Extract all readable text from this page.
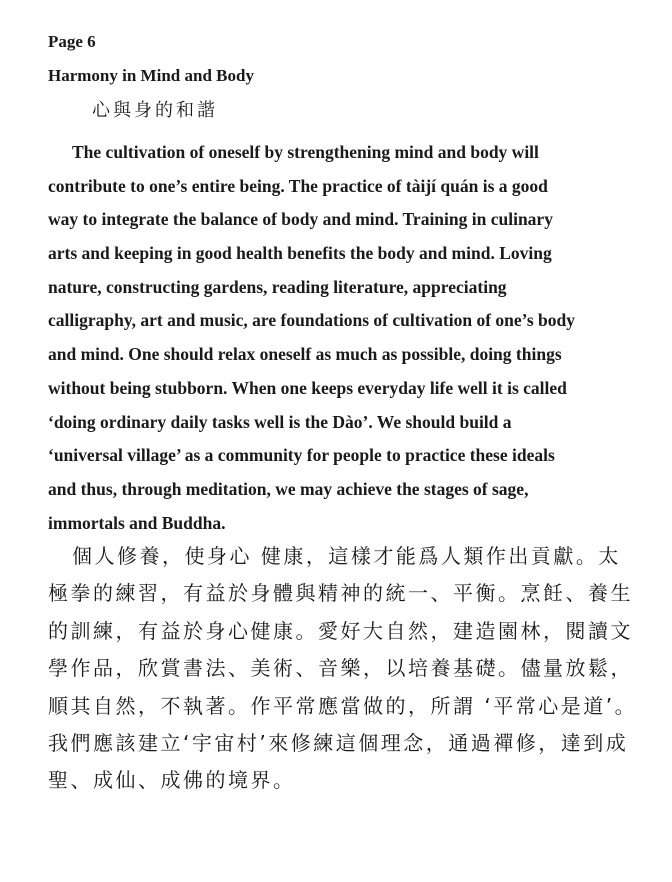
Page 6
Harmony in Mind and Body
心與身的和諧
The cultivation of oneself by strengthening mind and body will
contribute to one’s entire being. The practice of tàijí quán is a good
way to integrate the balance of body and mind. Training in culinary
arts and keeping in good health benefits the body and mind. Loving
nature, constructing gardens, reading literature, appreciating
calligraphy, art and music, are foundations of cultivation of one’s body
and mind. One should relax oneself as much as possible, doing things
without being stubborn. When one keeps everyday life well it is called
‘doing ordinary daily tasks well is the Dào’. We should build a
‘universal village’ as a community for people to practice these ideals
and thus, through meditation, we may achieve the stages of sage,
immortals and Buddha.
個人修養，使身心 健康，這樣才能爲人類作出貢獻。太
極拳的練習，有益於身體與精神的統一、平衡。烹飪、養生
的訓練，有益於身心健康。愛好大自然，建造園林，閱讀文
學作品，欣賞書法、美術、音樂，以培養基礎。儘量放鬆，
順其自然，不執著。作平常應當做的，所謂 ‘平常心是道’。
我們應該建立‘宇宙村’來修練這個理念，通過禪修，達到成
聖、成仙、成佛的境界。
